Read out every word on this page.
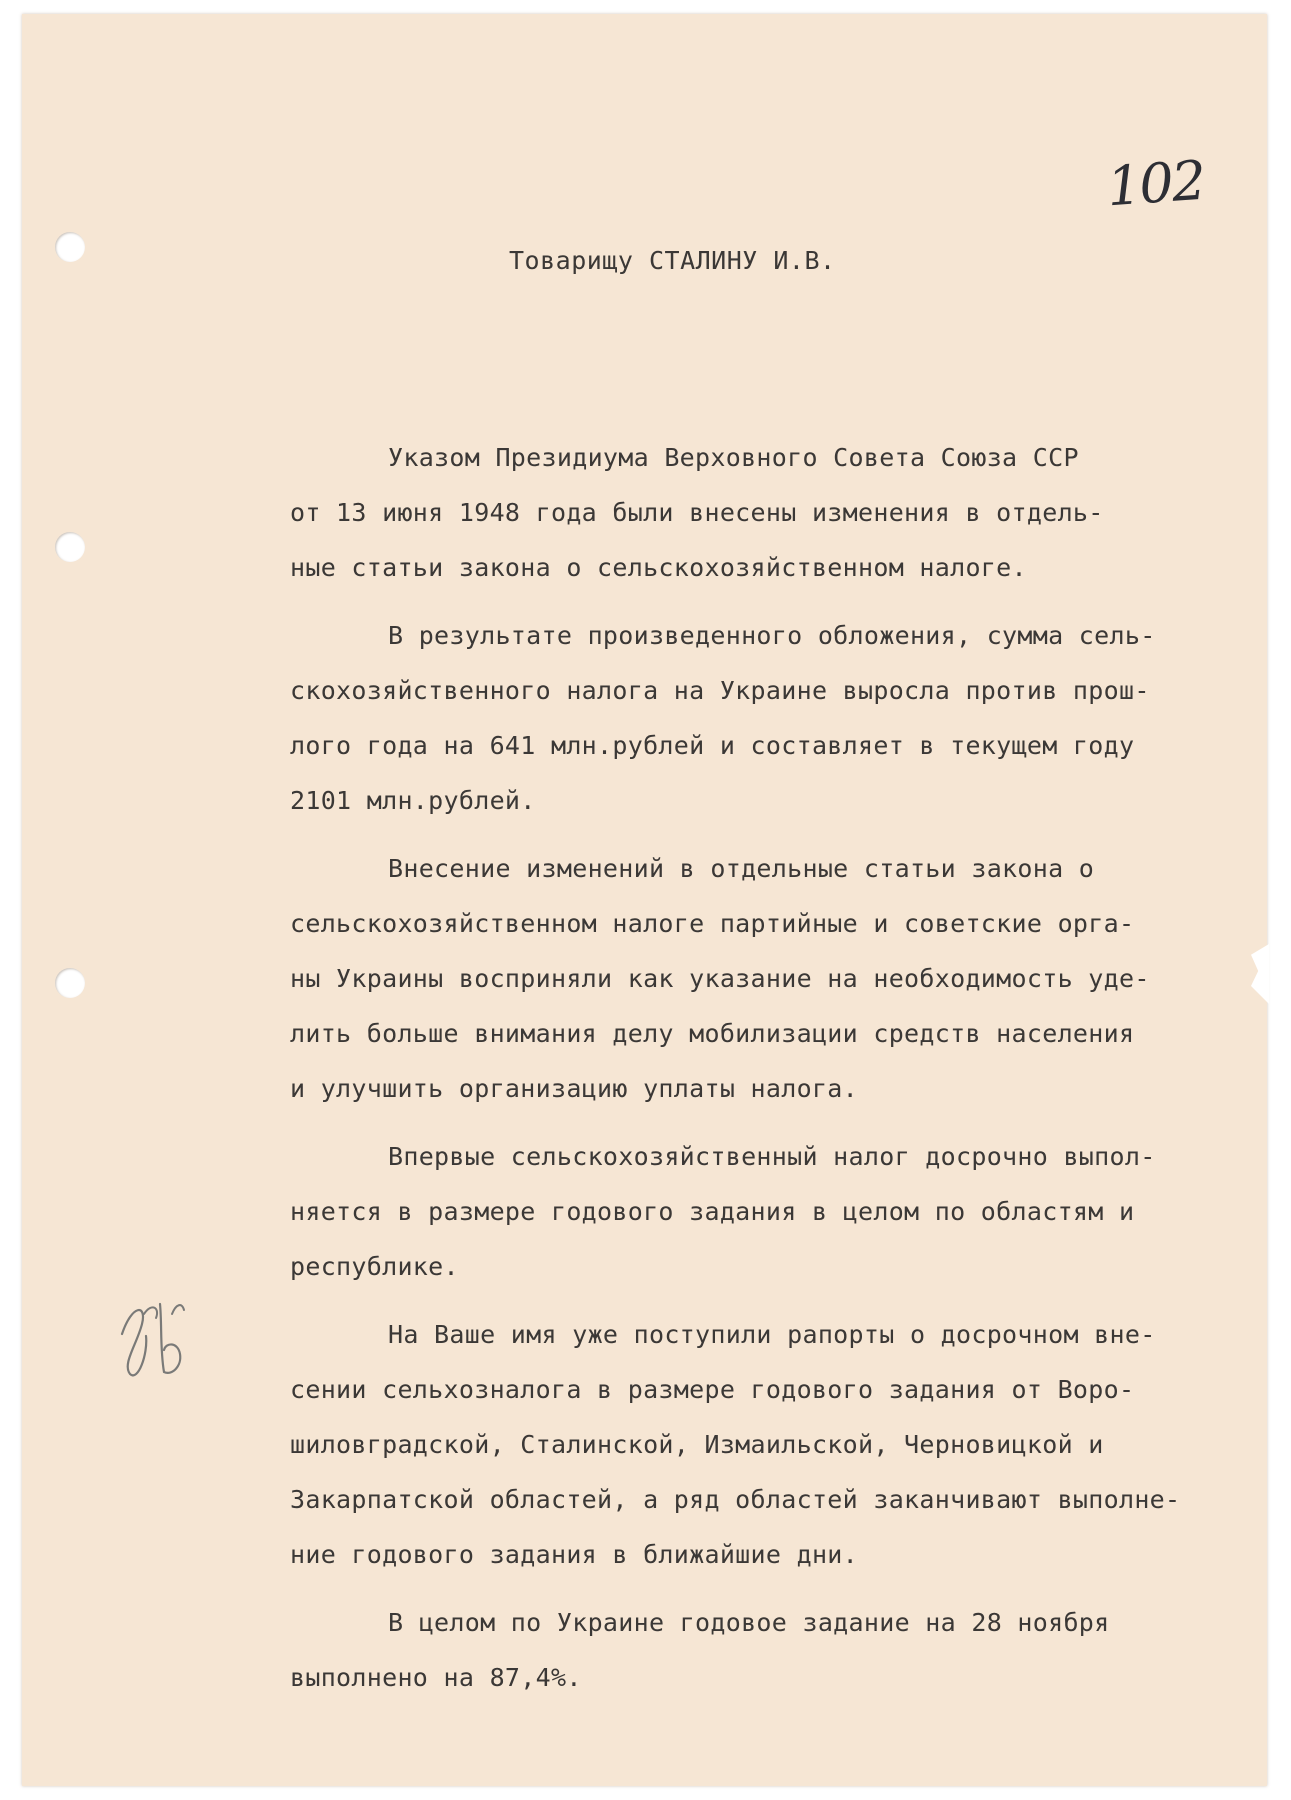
102
Товарищу СТАЛИНУ И.В.
Указом Президиума Верховного Совета Союза ССР
от 13 июня 1948 года были внесены изменения в отдель-
ные статьи закона о сельскохозяйственном налоге.
В результате произведенного обложения, сумма сель-
скохозяйственного налога на Украине выросла против прош-
лого года на 641 млн.рублей и составляет в текущем году
2101 млн.рублей.
Внесение изменений в отдельные статьи закона о
сельскохозяйственном налоге партийные и советские орга-
ны Украины восприняли как указание на необходимость уде-
лить больше внимания делу мобилизации средств населения
и улучшить организацию уплаты налога.
Впервые сельскохозяйственный налог досрочно выпол-
няется в размере годового задания в целом по областям и
республике.
На Ваше имя уже поступили рапорты о досрочном вне-
сении сельхозналога в размере годового задания от Воро-
шиловградской, Сталинской, Измаильской, Черновицкой и
Закарпатской областей, а ряд областей заканчивают выполне-
ние годового задания в ближайшие дни.
В целом по Украине годовое задание на 28 ноября
выполнено на 87,4%.
